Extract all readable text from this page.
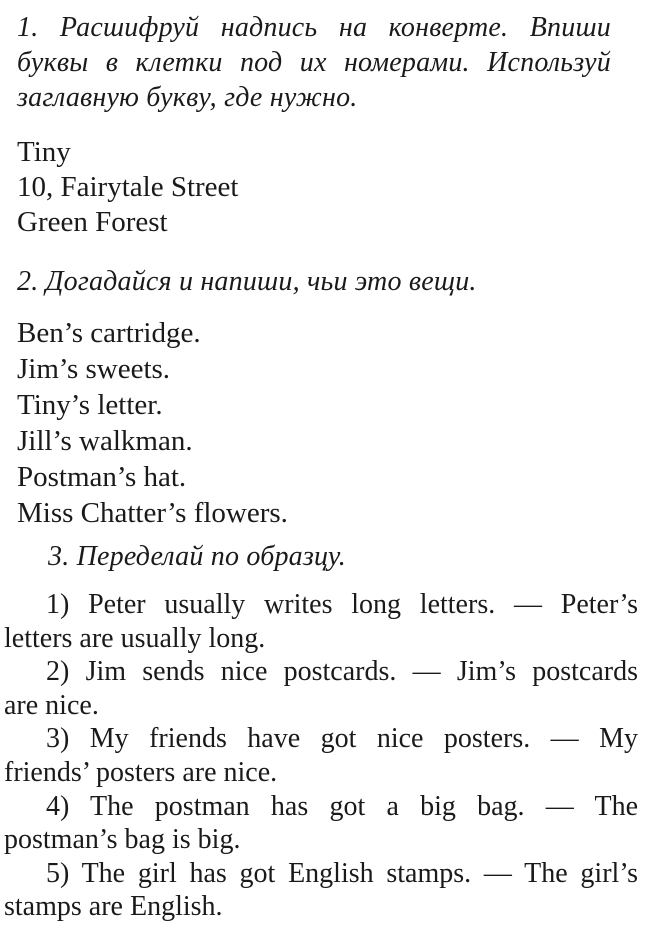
1. Расшифруй надпись на конверте. Впиши
буквы в клетки под их номерами. Используй
заглавную букву, где нужно.
Tiny
10, Fairytale Street
Green Forest
2. Догадайся и напиши, чьи это вещи.
Ben’s cartridge.
Jim’s sweets.
Tiny’s letter.
Jill’s walkman.
Postman’s hat.
Miss Chatter’s flowers.
3. Переделай по образцу.
1) Peter usually writes long letters. — Peter’s
letters are usually long.
2) Jim sends nice postcards. — Jim’s postcards
are nice.
3) My friends have got nice posters. — My
friends’ posters are nice.
4) The postman has got a big bag. — The
postman’s bag is big.
5) The girl has got English stamps. — The girl’s
stamps are English.
